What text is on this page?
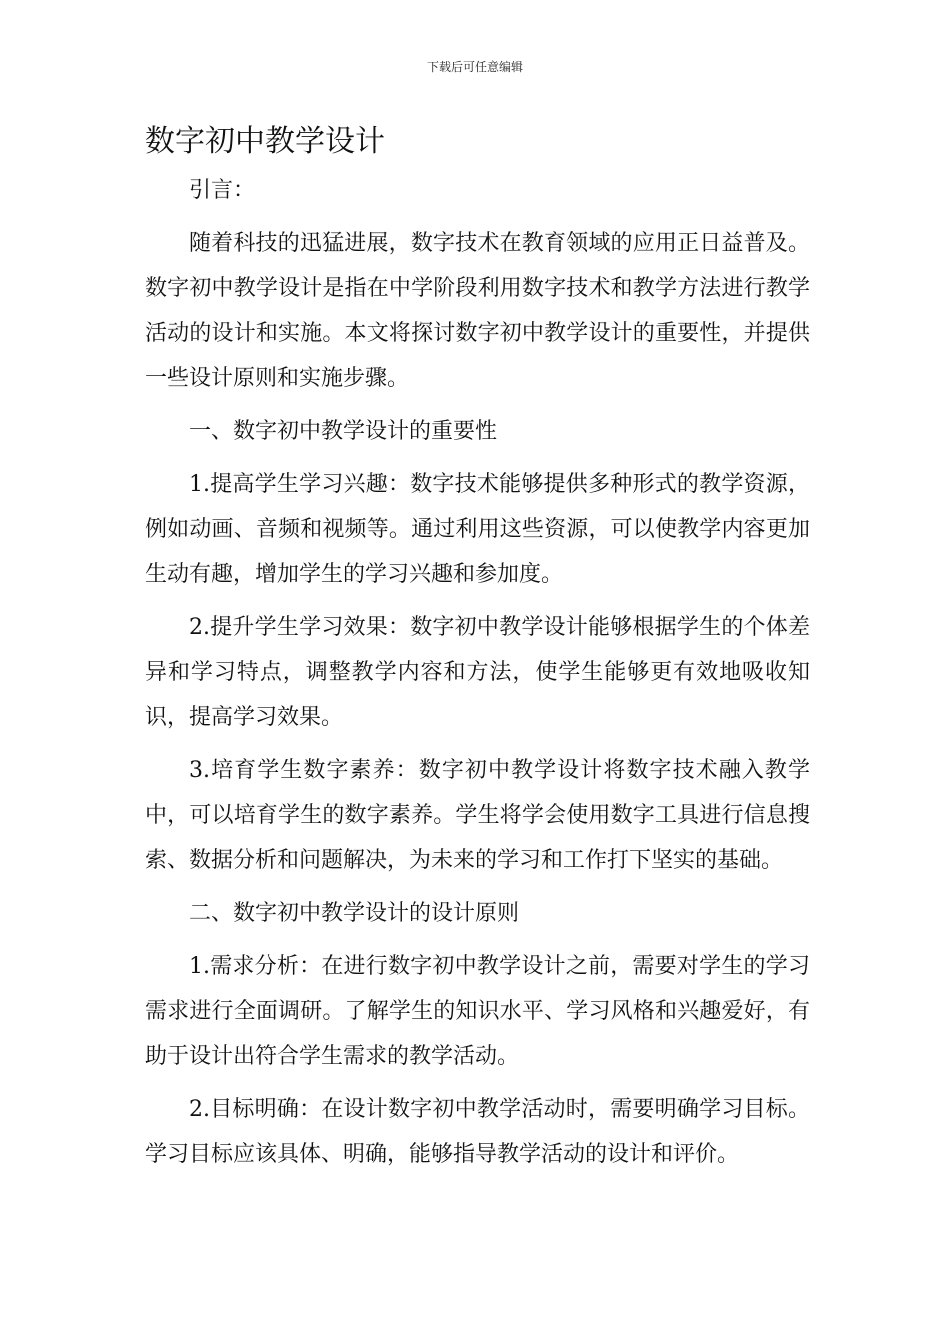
下载后可任意编辑
数字初中教学设计

引言：

随着科技的迅猛进展，数字技术在教育领域的应用正日益普及。数字初中教学设计是指在中学阶段利用数字技术和教学方法进行教学活动的设计和实施。本文将探讨数字初中教学设计的重要性，并提供一些设计原则和实施步骤。

一、数字初中教学设计的重要性

1.提高学生学习兴趣：数字技术能够提供多种形式的教学资源，例如动画、音频和视频等。通过利用这些资源，可以使教学内容更加生动有趣，增加学生的学习兴趣和参加度。

2.提升学生学习效果：数字初中教学设计能够根据学生的个体差异和学习特点，调整教学内容和方法，使学生能够更有效地吸收知识，提高学习效果。

3.培育学生数字素养：数字初中教学设计将数字技术融入教学中，可以培育学生的数字素养。学生将学会使用数字工具进行信息搜索、数据分析和问题解决，为未来的学习和工作打下坚实的基础。

二、数字初中教学设计的设计原则

1.需求分析：在进行数字初中教学设计之前，需要对学生的学习需求进行全面调研。了解学生的知识水平、学习风格和兴趣爱好，有助于设计出符合学生需求的教学活动。

2.目标明确：在设计数字初中教学活动时，需要明确学习目标。学习目标应该具体、明确，能够指导教学活动的设计和评价。
